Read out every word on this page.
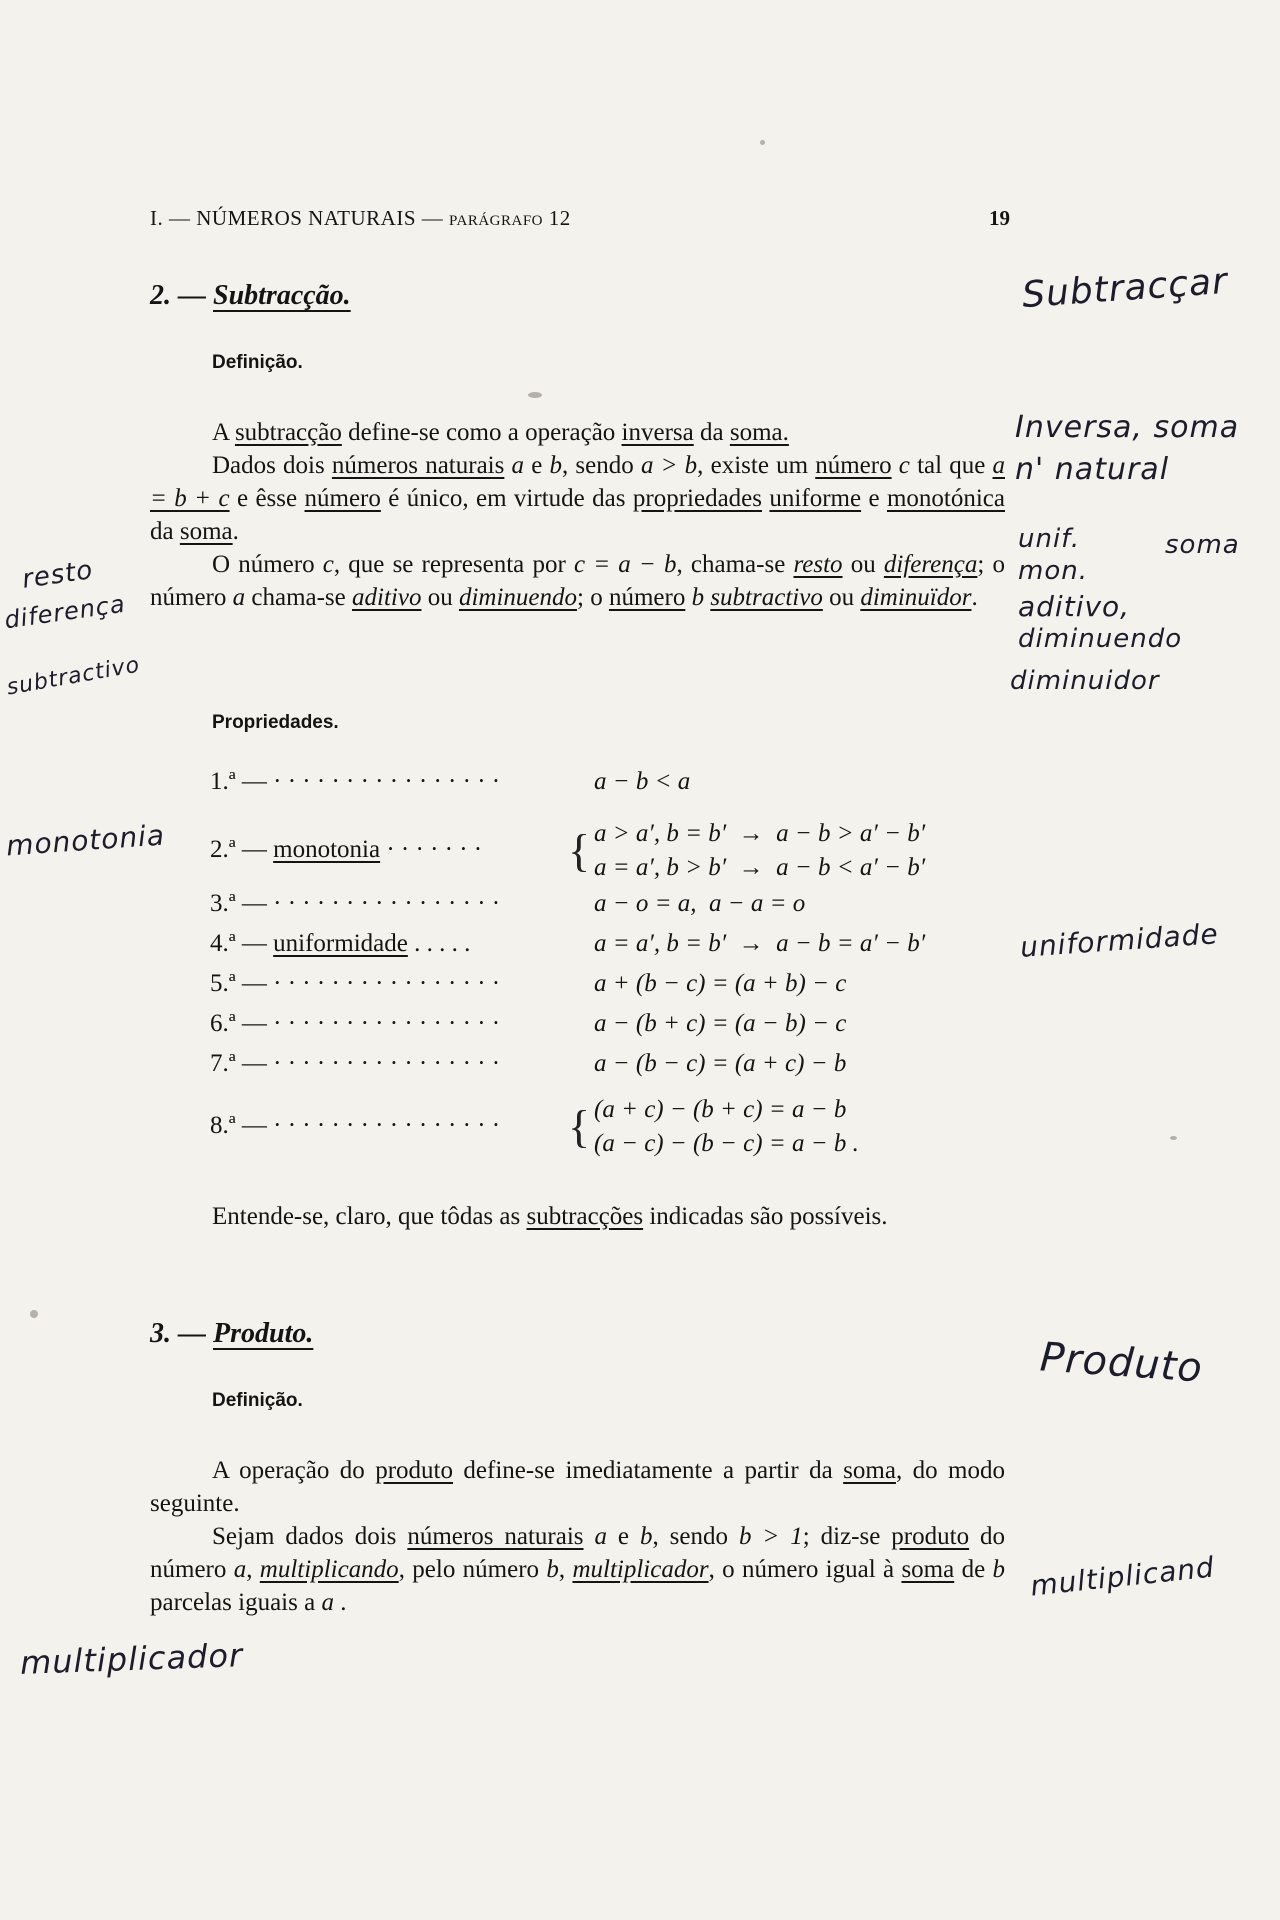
I. — NÚMEROS NATURAIS — parágrafo 12	19
2. — Subtracção.
Definição.

A subtracção define-se como a operação inversa da soma.

Dados dois números naturais a e b, sendo a > b, existe um número c tal que a = b + c e êsse número é único, em virtude das propriedades uniforme e monotónica da soma.

O número c, que se representa por c = a − b, chama-se resto ou diferença; o número a chama-se aditivo ou diminuendo; o número b subtractivo ou diminuïdor.

Propriedades.
1.ª — · · · · · · · · · · · · · · · ·	a − b < a
2.ª — monotonia · · · · · · · { a > a′, b = b′  →  a − b > a′ − b′
a = a′, b > b′  →  a − b < a′ − b′
3.ª — · · · · · · · · · · · · · · · ·	a − o = a,  a − a = o
4.ª — uniformidade . . . . .	a = a′, b = b′  →  a − b = a′ − b′
5.ª — · · · · · · · · · · · · · · · ·	a + (b − c) = (a + b) − c
6.ª — · · · · · · · · · · · · · · · ·	a − (b + c) = (a − b) − c
7.ª — · · · · · · · · · · · · · · · ·	a − (b − c) = (a + c) − b
8.ª — · · · · · · · · · · · · · · · · { (a + c) − (b + c) = a − b
(a − c) − (b − c) = a − b .

Entende-se, claro, que tôdas as subtracções indicadas são possíveis.

3. — Produto.
Definição.

A operação do produto define-se imediatamente a partir da soma, do modo seguinte.

Sejam dados dois números naturais a e b, sendo b > 1; diz-se produto do número a, multiplicando, pelo número b, multiplicador, o número igual à soma de b parcelas iguais a a .

Subtracçar
Inversa, soma
n' natural
unif.	soma
mon.
aditivo,
diminuendo
diminuidor
resto
diferença
subtractivo
monotonia
uniformidade
Produto
multiplicand
multiplicador
